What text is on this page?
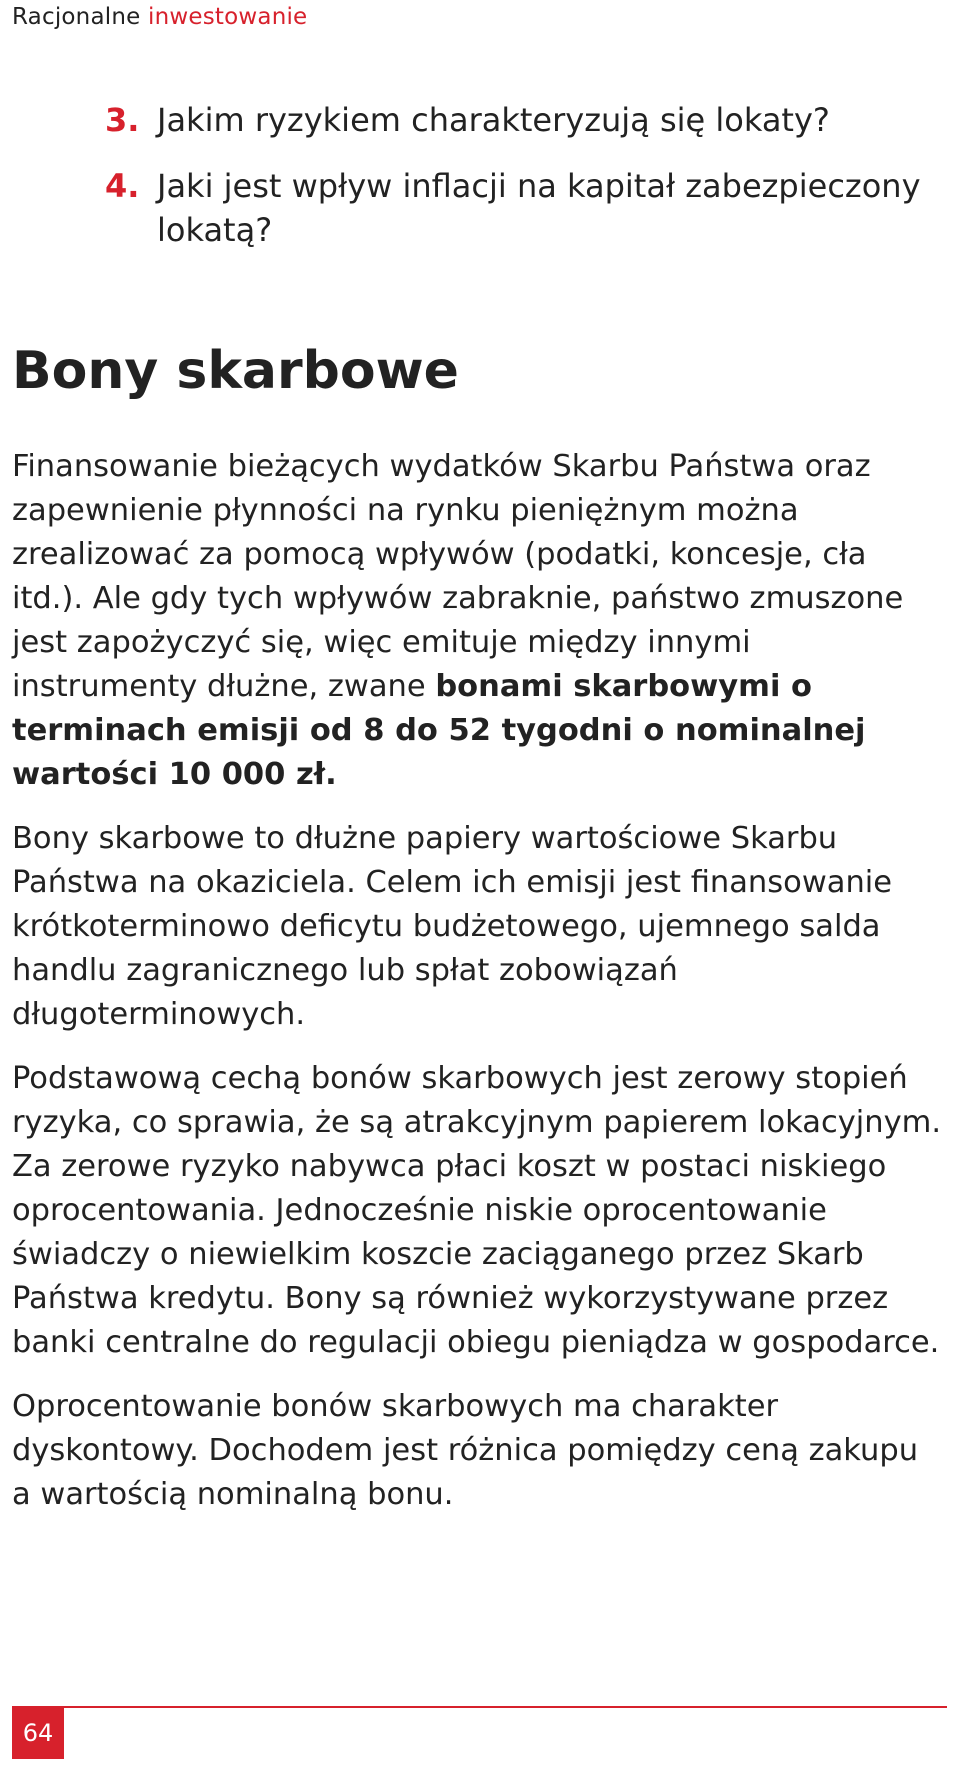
Racjonalne inwestowanie
3. Jakim ryzykiem charakteryzują się lokaty?
4. Jaki jest wpływ inflacji na kapitał zabezpieczony lokatą?
Bony skarbowe

Finansowanie bieżących wydatków Skarbu Państwa oraz zapewnienie płynności na rynku pieniężnym można zrealizować za pomocą wpływów (podatki, koncesje, cła itd.). Ale gdy tych wpływów zabraknie, państwo zmuszone jest zapożyczyć się, więc emituje między innymi instrumenty dłużne, zwane bonami skarbowymi o terminach emisji od 8 do 52 tygodni o nominalnej wartości 10 000 zł.

Bony skarbowe to dłużne papiery wartościowe Skarbu Państwa na okaziciela. Celem ich emisji jest finansowanie krótkoterminowo deficytu budżetowego, ujemnego salda handlu zagranicznego lub spłat zobowiązań długoterminowych.

Podstawową cechą bonów skarbowych jest zerowy stopień ryzyka, co sprawia, że są atrakcyjnym papierem lokacyjnym. Za zerowe ryzyko nabywca płaci koszt w postaci niskiego oprocentowania. Jednocześnie niskie oprocentowanie świadczy o niewielkim koszcie zaciąganego przez Skarb Państwa kredytu. Bony są również wykorzystywane przez banki centralne do regulacji obiegu pieniądza w gospodarce.

Oprocentowanie bonów skarbowych ma charakter dyskontowy. Dochodem jest różnica pomiędzy ceną zakupu a wartością nominalną bonu.

64
